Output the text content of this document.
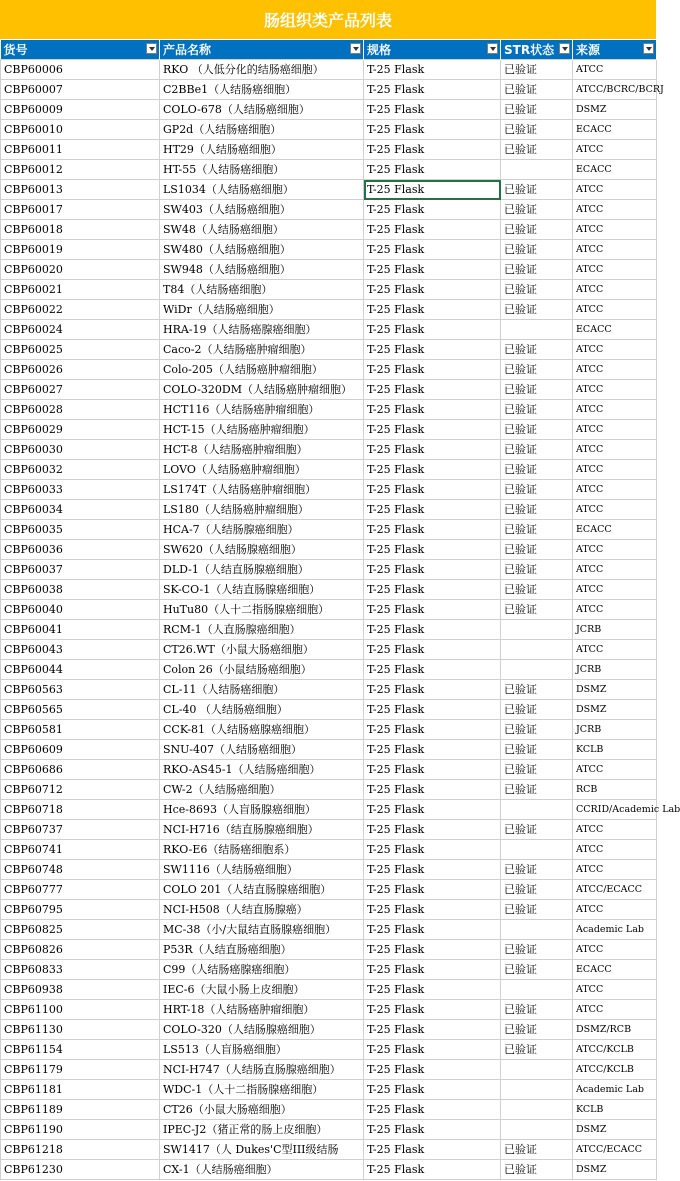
肠组织类产品列表
货号	产品名称	规格	STR状态	来源

CBP60006	RKO （人低分化的结肠癌细胞）	T-25 Flask	已验证	ATCC
CBP60007	C2BBe1（人结肠癌细胞）	T-25 Flask	已验证	ATCC/BCRC/BCRJ
CBP60009	COLO-678（人结肠癌细胞）	T-25 Flask	已验证	DSMZ
CBP60010	GP2d（人结肠癌细胞）	T-25 Flask	已验证	ECACC
CBP60011	HT29（人结肠癌细胞）	T-25 Flask	已验证	ATCC
CBP60012	HT-55（人结肠癌细胞）	T-25 Flask		ECACC
CBP60013	LS1034（人结肠癌细胞）	T-25 Flask	已验证	ATCC
CBP60017	SW403（人结肠癌细胞）	T-25 Flask	已验证	ATCC
CBP60018	SW48（人结肠癌细胞）	T-25 Flask	已验证	ATCC
CBP60019	SW480（人结肠癌细胞）	T-25 Flask	已验证	ATCC
CBP60020	SW948（人结肠癌细胞）	T-25 Flask	已验证	ATCC
CBP60021	T84（人结肠癌细胞）	T-25 Flask	已验证	ATCC
CBP60022	WiDr（人结肠癌细胞）	T-25 Flask	已验证	ATCC
CBP60024	HRA-19（人结肠癌腺癌细胞）	T-25 Flask		ECACC
CBP60025	Caco-2（人结肠癌肿瘤细胞）	T-25 Flask	已验证	ATCC
CBP60026	Colo-205（人结肠癌肿瘤细胞）	T-25 Flask	已验证	ATCC
CBP60027	COLO-320DM（人结肠癌肿瘤细胞）	T-25 Flask	已验证	ATCC
CBP60028	HCT116（人结肠癌肿瘤细胞）	T-25 Flask	已验证	ATCC
CBP60029	HCT-15（人结肠癌肿瘤细胞）	T-25 Flask	已验证	ATCC
CBP60030	HCT-8（人结肠癌肿瘤细胞）	T-25 Flask	已验证	ATCC
CBP60032	LOVO（人结肠癌肿瘤细胞）	T-25 Flask	已验证	ATCC
CBP60033	LS174T（人结肠癌肿瘤细胞）	T-25 Flask	已验证	ATCC
CBP60034	LS180（人结肠癌肿瘤细胞）	T-25 Flask	已验证	ATCC
CBP60035	HCA-7（人结肠腺癌细胞）	T-25 Flask	已验证	ECACC
CBP60036	SW620（人结肠腺癌细胞）	T-25 Flask	已验证	ATCC
CBP60037	DLD-1（人结直肠腺癌细胞）	T-25 Flask	已验证	ATCC
CBP60038	SK-CO-1（人结直肠腺癌细胞）	T-25 Flask	已验证	ATCC
CBP60040	HuTu80（人十二指肠腺癌细胞）	T-25 Flask	已验证	ATCC
CBP60041	RCM-1（人直肠腺癌细胞）	T-25 Flask		JCRB
CBP60043	CT26.WT（小鼠大肠癌细胞）	T-25 Flask		ATCC
CBP60044	Colon 26（小鼠结肠癌细胞）	T-25 Flask		JCRB
CBP60563	CL-11（人结肠癌细胞）	T-25 Flask	已验证	DSMZ
CBP60565	CL-40 （人结肠癌细胞）	T-25 Flask	已验证	DSMZ
CBP60581	CCK-81（人结肠癌腺癌细胞）	T-25 Flask	已验证	JCRB
CBP60609	SNU-407（人结肠癌细胞）	T-25 Flask	已验证	KCLB
CBP60686	RKO-AS45-1（人结肠癌细胞）	T-25 Flask	已验证	ATCC
CBP60712	CW-2（人结肠癌细胞）	T-25 Flask	已验证	RCB
CBP60718	Hce-8693（人盲肠腺癌细胞）	T-25 Flask		CCRID/Academic Lab
CBP60737	NCI-H716（结直肠腺癌细胞）	T-25 Flask	已验证	ATCC
CBP60741	RKO-E6（结肠癌细胞系）	T-25 Flask		ATCC
CBP60748	SW1116（人结肠癌细胞）	T-25 Flask	已验证	ATCC
CBP60777	COLO 201（人结直肠腺癌细胞）	T-25 Flask	已验证	ATCC/ECACC
CBP60795	NCI-H508（人结直肠腺癌）	T-25 Flask	已验证	ATCC
CBP60825	MC-38（小/大鼠结直肠腺癌细胞）	T-25 Flask		Academic Lab
CBP60826	P53R（人结直肠癌细胞）	T-25 Flask	已验证	ATCC
CBP60833	C99（人结肠癌腺癌细胞）	T-25 Flask	已验证	ECACC
CBP60938	IEC-6（大鼠小肠上皮细胞）	T-25 Flask		ATCC
CBP61100	HRT-18（人结肠癌肿瘤细胞）	T-25 Flask	已验证	ATCC
CBP61130	COLO-320（人结肠腺癌细胞）	T-25 Flask	已验证	DSMZ/RCB
CBP61154	LS513（人盲肠癌细胞）	T-25 Flask	已验证	ATCC/KCLB
CBP61179	NCI-H747（人结肠直肠腺癌细胞）	T-25 Flask		ATCC/KCLB
CBP61181	WDC-1（人十二指肠腺癌细胞）	T-25 Flask		Academic Lab
CBP61189	CT26（小鼠大肠癌细胞）	T-25 Flask		KCLB
CBP61190	IPEC-J2（猪正常的肠上皮细胞）	T-25 Flask		DSMZ
CBP61218	SW1417（人 Dukes'C型III级结肠	T-25 Flask	已验证	ATCC/ECACC
CBP61230	CX-1（人结肠癌细胞）	T-25 Flask	已验证	DSMZ
